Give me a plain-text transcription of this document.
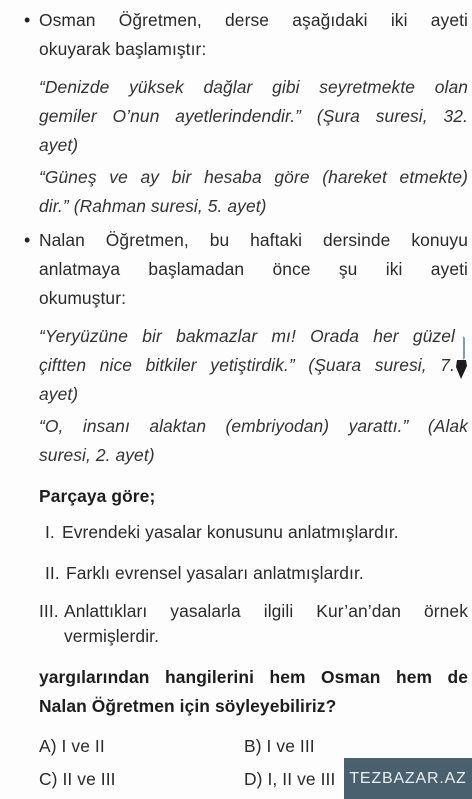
• Osman Öğretmen, derse aşağıdaki iki ayeti
okuyarak başlamıştır:
“Denizde yüksek dağlar gibi seyretmekte olan
gemiler O’nun ayetlerindendir.” (Şura suresi, 32.
ayet)
“Güneş ve ay bir hesaba göre (hareket etmekte)
dir.” (Rahman suresi, 5. ayet)
• Nalan Öğretmen, bu haftaki dersinde konuyu
anlatmaya başlamadan önce şu iki ayeti
okumuştur:
“Yeryüzüne bir bakmazlar mı! Orada her güzel
çiftten nice bitkiler yetiştirdik.” (Şuara suresi, 7.
ayet)
“O, insanı alaktan (embriyodan) yarattı.” (Alak
suresi, 2. ayet)
Parçaya göre;
I. Evrendeki yasalar konusunu anlatmışlardır.
II. Farklı evrensel yasaları anlatmışlardır.
III. Anlattıkları yasalarla ilgili Kur’an’dan örnek
vermişlerdir.
yargılarından hangilerini hem Osman hem de
Nalan Öğretmen için söyleyebiliriz?
A) I ve II	B) I ve III
C) II ve III	D) I, II ve III TEZBAZAR.AZ
